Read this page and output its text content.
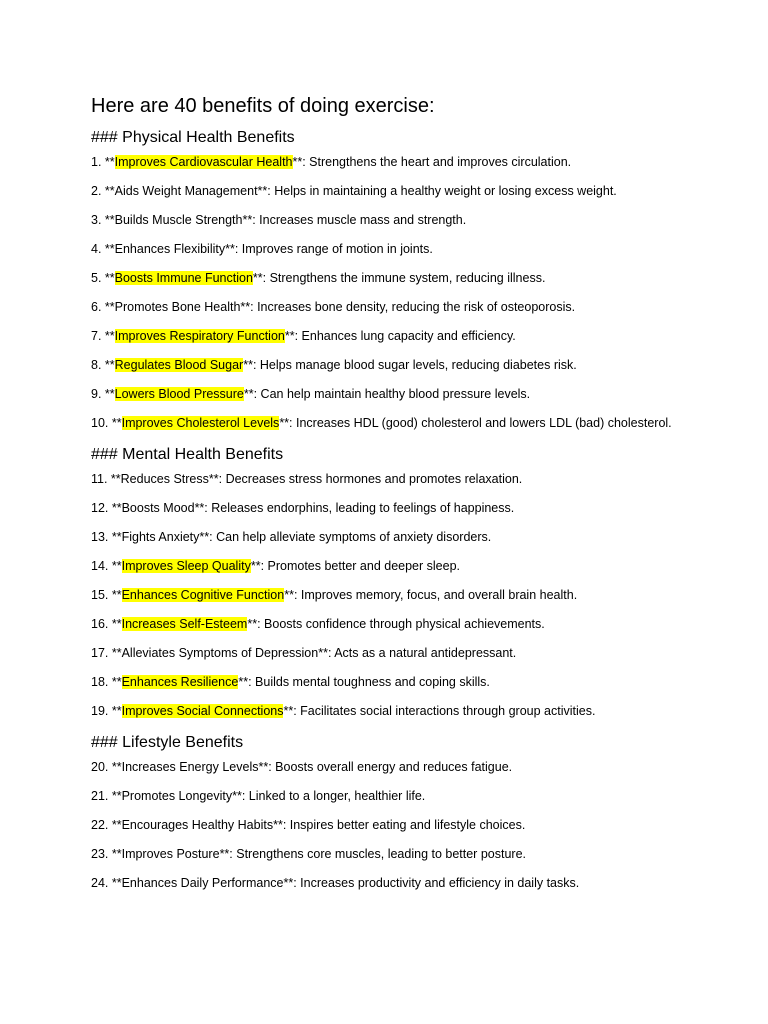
Here are 40 benefits of doing exercise:
### Physical Health Benefits
1. **Improves Cardiovascular Health**: Strengthens the heart and improves circulation.
2. **Aids Weight Management**: Helps in maintaining a healthy weight or losing excess weight.
3. **Builds Muscle Strength**: Increases muscle mass and strength.
4. **Enhances Flexibility**: Improves range of motion in joints.
5. **Boosts Immune Function**: Strengthens the immune system, reducing illness.
6. **Promotes Bone Health**: Increases bone density, reducing the risk of osteoporosis.
7. **Improves Respiratory Function**: Enhances lung capacity and efficiency.
8. **Regulates Blood Sugar**: Helps manage blood sugar levels, reducing diabetes risk.
9. **Lowers Blood Pressure**: Can help maintain healthy blood pressure levels.
10. **Improves Cholesterol Levels**: Increases HDL (good) cholesterol and lowers LDL (bad) cholesterol.
### Mental Health Benefits
11. **Reduces Stress**: Decreases stress hormones and promotes relaxation.
12. **Boosts Mood**: Releases endorphins, leading to feelings of happiness.
13. **Fights Anxiety**: Can help alleviate symptoms of anxiety disorders.
14. **Improves Sleep Quality**: Promotes better and deeper sleep.
15. **Enhances Cognitive Function**: Improves memory, focus, and overall brain health.
16. **Increases Self-Esteem**: Boosts confidence through physical achievements.
17. **Alleviates Symptoms of Depression**: Acts as a natural antidepressant.
18. **Enhances Resilience**: Builds mental toughness and coping skills.
19. **Improves Social Connections**: Facilitates social interactions through group activities.
### Lifestyle Benefits
20. **Increases Energy Levels**: Boosts overall energy and reduces fatigue.
21. **Promotes Longevity**: Linked to a longer, healthier life.
22. **Encourages Healthy Habits**: Inspires better eating and lifestyle choices.
23. **Improves Posture**: Strengthens core muscles, leading to better posture.
24. **Enhances Daily Performance**: Increases productivity and efficiency in daily tasks.
